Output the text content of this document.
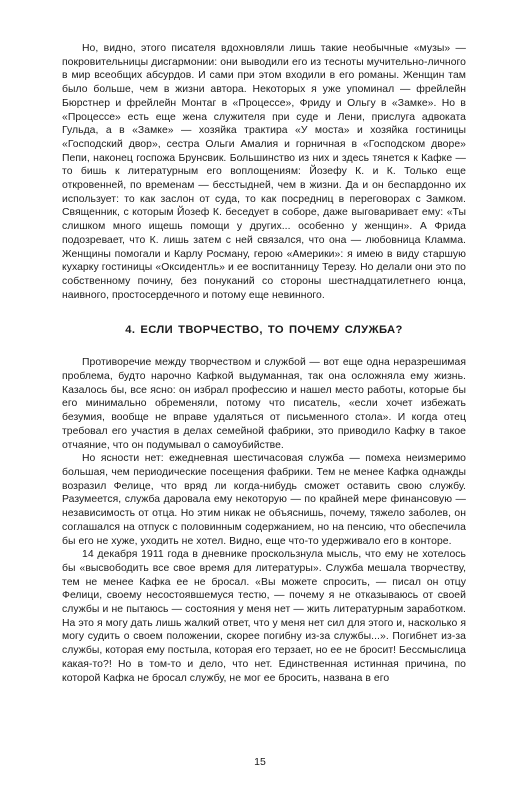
Но, видно, этого писателя вдохновляли лишь такие необычные «музы» — покровительницы дисгармонии: они выводили его из тесноты мучительно-личного в мир всеобщих абсурдов. И сами при этом входили в его романы. Женщин там было больше, чем в жизни автора. Некоторых я уже упоминал — фрейлейн Бюрстнер и фрейлейн Монтаг в «Процессе», Фриду и Ольгу в «Замке». Но в «Процессе» есть еще жена служителя при суде и Лени, прислуга адвоката Гульда, а в «Замке» — хозяйка трактира «У моста» и хозяйка гостиницы «Господский двор», сестра Ольги Амалия и горничная в «Господском дворе» Пепи, наконец госпожа Брунсвик. Большинство из них и здесь тянется к Кафке — то бишь к литературным его воплощениям: Йозефу К. и К. Только еще откровенней, по временам — бесстыдней, чем в жизни. Да и он беспардонно их использует: то как заслон от суда, то как посредниц в переговорах с Замком. Священник, с которым Йозеф К. беседует в соборе, даже выговаривает ему: «Ты слишком много ищешь помощи у других... особенно у женщин». А Фрида подозревает, что К. лишь затем с ней связался, что она — любовница Кламма. Женщины помогали и Карлу Росману, герою «Америки»: я имею в виду старшую кухарку гостиницы «Оксидентль» и ее воспитанницу Терезу. Но делали они это по собственному почину, без понуканий со стороны шестнадцатилетнего юнца, наивного, простосердечного и потому еще невинного.

4. ЕСЛИ ТВОРЧЕСТВО, ТО ПОЧЕМУ СЛУЖБА?

Противоречие между творчеством и службой — вот еще одна неразрешимая проблема, будто нарочно Кафкой выдуманная, так она осложняла ему жизнь. Казалось бы, все ясно: он избрал профессию и нашел место работы, которые бы его минимально обременяли, потому что писатель, «если хочет избежать безумия, вообще не вправе удаляться от письменного стола». И когда отец требовал его участия в делах семейной фабрики, это приводило Кафку в такое отчаяние, что он подумывал о самоубийстве.

Но ясности нет: ежедневная шестичасовая служба — помеха неизмеримо большая, чем периодические посещения фабрики. Тем не менее Кафка однажды возразил Фелице, что вряд ли когда-нибудь сможет оставить свою службу. Разумеется, служба даровала ему некоторую — по крайней мере финансовую — независимость от отца. Но этим никак не объяснишь, почему, тяжело заболев, он соглашался на отпуск с половинным содержанием, но на пенсию, что обеспечила бы его не хуже, уходить не хотел. Видно, еще что-то удерживало его в конторе.

14 декабря 1911 года в дневнике проскользнула мысль, что ему не хотелось бы «высвободить все свое время для литературы». Служба мешала творчеству, тем не менее Кафка ее не бросал. «Вы можете спросить, — писал он отцу Фелици, своему несостоявшемуся тестю, — почему я не отказываюсь от своей службы и не пытаюсь — состояния у меня нет — жить литературным заработком. На это я могу дать лишь жалкий ответ, что у меня нет сил для этого и, насколько я могу судить о своем положении, скорее погибну из-за службы...». Погибнет из-за службы, которая ему постыла, которая его терзает, но ее не бросит! Бессмыслица какая-то?! Но в том-то и дело, что нет. Единственная истинная причина, по которой Кафка не бросал службу, не мог ее бросить, названа в его

15
